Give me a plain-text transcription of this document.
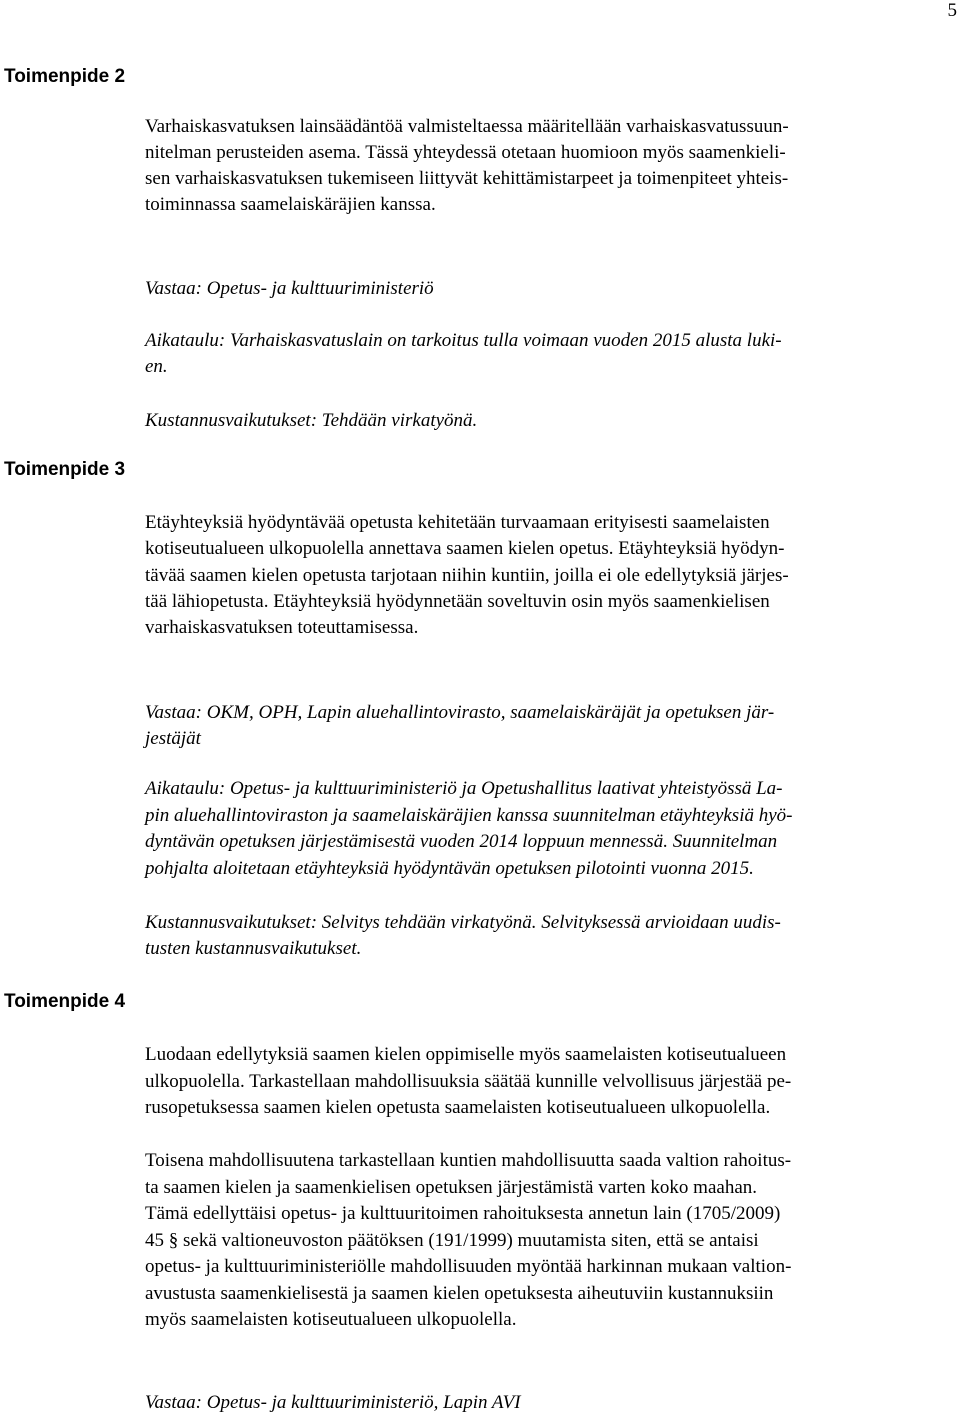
5
Toimenpide 2
Varhaiskasvatuksen lainsäädäntöä valmisteltaessa määritellään varhaiskasvatussuun-
nitelman perusteiden asema. Tässä yhteydessä otetaan huomioon myös saamenkieli-
sen varhaiskasvatuksen tukemiseen liittyvät kehittämistarpeet ja toimenpiteet yhteis-
toiminnassa saamelaiskäräjien kanssa.
Vastaa: Opetus- ja kulttuuriministeriö
Aikataulu: Varhaiskasvatuslain on tarkoitus tulla voimaan vuoden 2015 alusta luki-
en.
Kustannusvaikutukset: Tehdään virkatyönä.
Toimenpide 3
Etäyhteyksiä hyödyntävää opetusta kehitetään turvaamaan erityisesti saamelaisten
kotiseutualueen ulkopuolella annettava saamen kielen opetus. Etäyhteyksiä hyödyn-
tävää saamen kielen opetusta tarjotaan niihin kuntiin, joilla ei ole edellytyksiä järjes-
tää lähiopetusta. Etäyhteyksiä hyödynnetään soveltuvin osin myös saamenkielisen
varhaiskasvatuksen toteuttamisessa.
Vastaa: OKM, OPH, Lapin aluehallintovirasto, saamelaiskäräjät ja opetuksen jär-
jestäjät
Aikataulu: Opetus- ja kulttuuriministeriö ja Opetushallitus laativat yhteistyössä La-
pin aluehallintoviraston ja saamelaiskäräjien kanssa suunnitelman etäyhteyksiä hyö-
dyntävän opetuksen järjestämisestä vuoden 2014 loppuun mennessä. Suunnitelman
pohjalta aloitetaan etäyhteyksiä hyödyntävän opetuksen pilotointi vuonna 2015.
Kustannusvaikutukset: Selvitys tehdään virkatyönä. Selvityksessä arvioidaan uudis-
tusten kustannusvaikutukset.
Toimenpide 4
Luodaan edellytyksiä saamen kielen oppimiselle myös saamelaisten kotiseutualueen
ulkopuolella. Tarkastellaan mahdollisuuksia säätää kunnille velvollisuus järjestää pe-
rusopetuksessa saamen kielen opetusta saamelaisten kotiseutualueen ulkopuolella.
Toisena mahdollisuutena tarkastellaan kuntien mahdollisuutta saada valtion rahoitus-
ta saamen kielen ja saamenkielisen opetuksen järjestämistä varten koko maahan.
Tämä edellyttäisi opetus- ja kulttuuritoimen rahoituksesta annetun lain (1705/2009)
45 § sekä valtioneuvoston päätöksen (191/1999) muutamista siten, että se antaisi
opetus- ja kulttuuriministeriölle mahdollisuuden myöntää harkinnan mukaan valtion-
avustusta saamenkielisestä ja saamen kielen opetuksesta aiheutuviin kustannuksiin
myös saamelaisten kotiseutualueen ulkopuolella.
Vastaa: Opetus- ja kulttuuriministeriö, Lapin AVI
